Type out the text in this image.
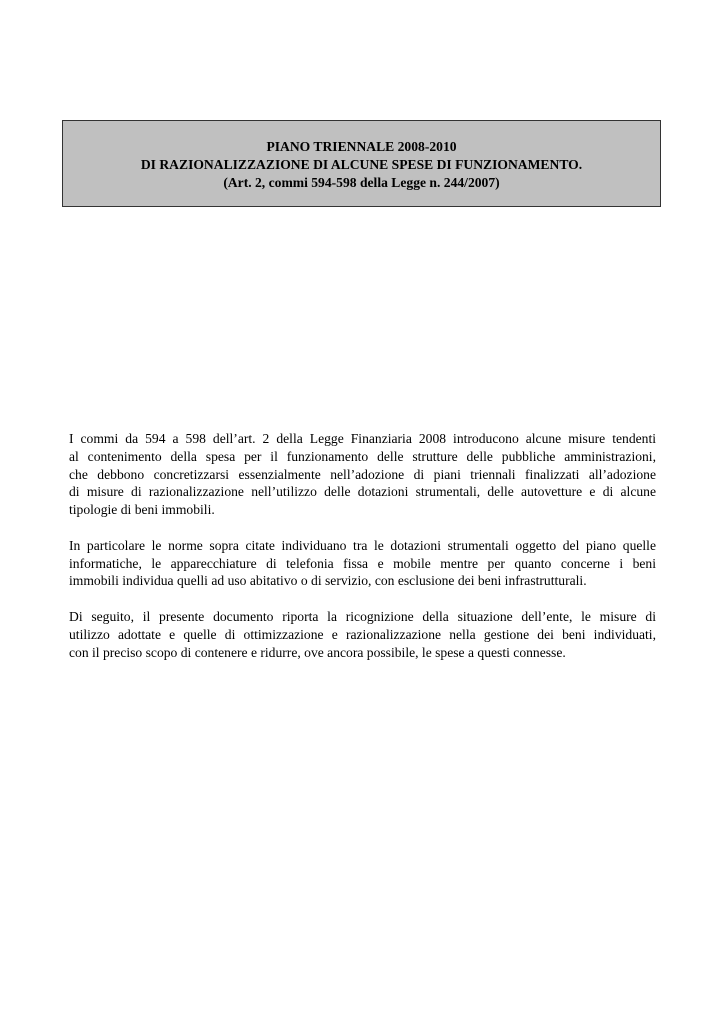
PIANO TRIENNALE 2008-2010
DI RAZIONALIZZAZIONE DI ALCUNE SPESE DI FUNZIONAMENTO.
(Art. 2, commi 594-598 della Legge n. 244/2007)

I commi da 594 a 598 dell’art. 2 della Legge Finanziaria 2008 introducono alcune misure tendenti
al contenimento della spesa per il funzionamento delle strutture delle pubbliche amministrazioni,
che debbono concretizzarsi essenzialmente nell’adozione di piani triennali finalizzati all’adozione
di misure di razionalizzazione nell’utilizzo delle dotazioni strumentali, delle autovetture e di alcune
tipologie di beni immobili.

In particolare le norme sopra citate individuano tra le dotazioni strumentali oggetto del piano quelle
informatiche, le apparecchiature di telefonia fissa e mobile mentre per quanto concerne i beni
immobili individua quelli ad uso abitativo o di servizio, con esclusione dei beni infrastrutturali.

Di seguito, il presente documento riporta la ricognizione della situazione dell’ente, le misure di
utilizzo adottate e quelle di ottimizzazione e razionalizzazione nella gestione dei beni individuati,
con il preciso scopo di contenere e ridurre, ove ancora possibile, le spese a questi connesse.
